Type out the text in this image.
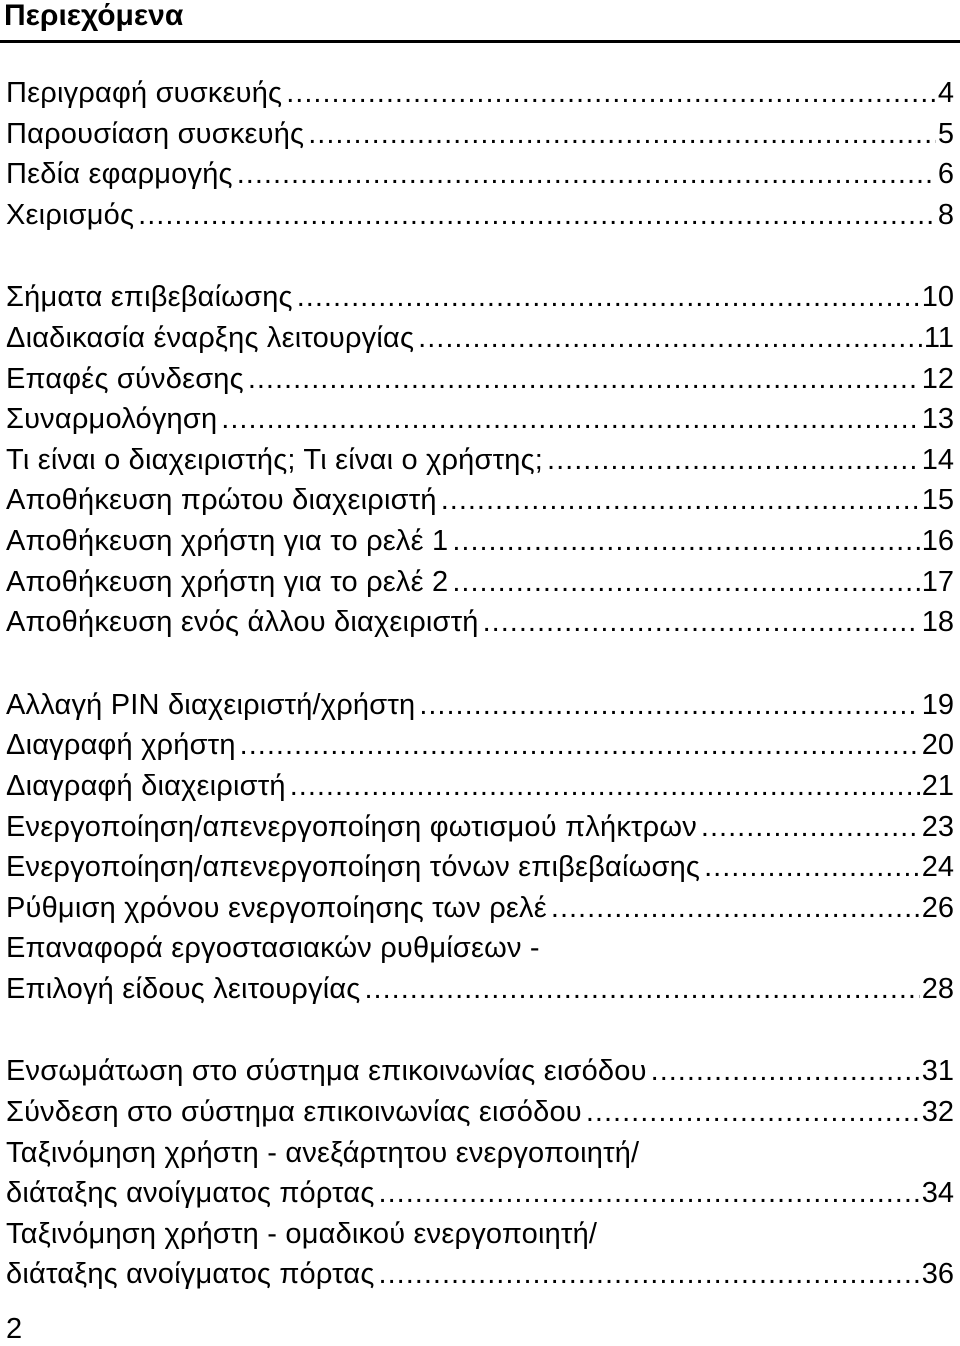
Περιεχόμενα
Περιγραφή συσκευής .....	4
Παρουσίαση συσκευής .....	5
Πεδία εφαρμογής .....	6
Χειρισμός .....	8
Σήματα επιβεβαίωσης .....	10
Διαδικασία έναρξης λειτουργίας .....	11
Επαφές σύνδεσης .....	12
Συναρμολόγηση .....	13
Τι είναι ο διαχειριστής; Τι είναι ο χρήστης; .....	14
Αποθήκευση πρώτου διαχειριστή .....	15
Αποθήκευση χρήστη για το ρελέ 1 .....	16
Αποθήκευση χρήστη για το ρελέ 2 .....	17
Αποθήκευση ενός άλλου διαχειριστή .....	18
Αλλαγή PIN διαχειριστή/χρήστη .....	19
Διαγραφή χρήστη .....	20
Διαγραφή διαχειριστή .....	21
Ενεργοποίηση/απενεργοποίηση φωτισμού πλήκτρων .....	23
Ενεργοποίηση/απενεργοποίηση τόνων επιβεβαίωσης .....	24
Ρύθμιση χρόνου ενεργοποίησης των ρελέ .....	26
Επαναφορά εργοστασιακών ρυθμίσεων -
Επιλογή είδους λειτουργίας .....	28
Ενσωμάτωση στο σύστημα επικοινωνίας εισόδου .....	31
Σύνδεση στο σύστημα επικοινωνίας εισόδου .....	32
Ταξινόμηση χρήστη - ανεξάρτητου ενεργοποιητή/
διάταξης ανοίγματος πόρτας .....	34
Ταξινόμηση χρήστη - ομαδικού ενεργοποιητή/
διάταξης ανοίγματος πόρτας .....	36
2
